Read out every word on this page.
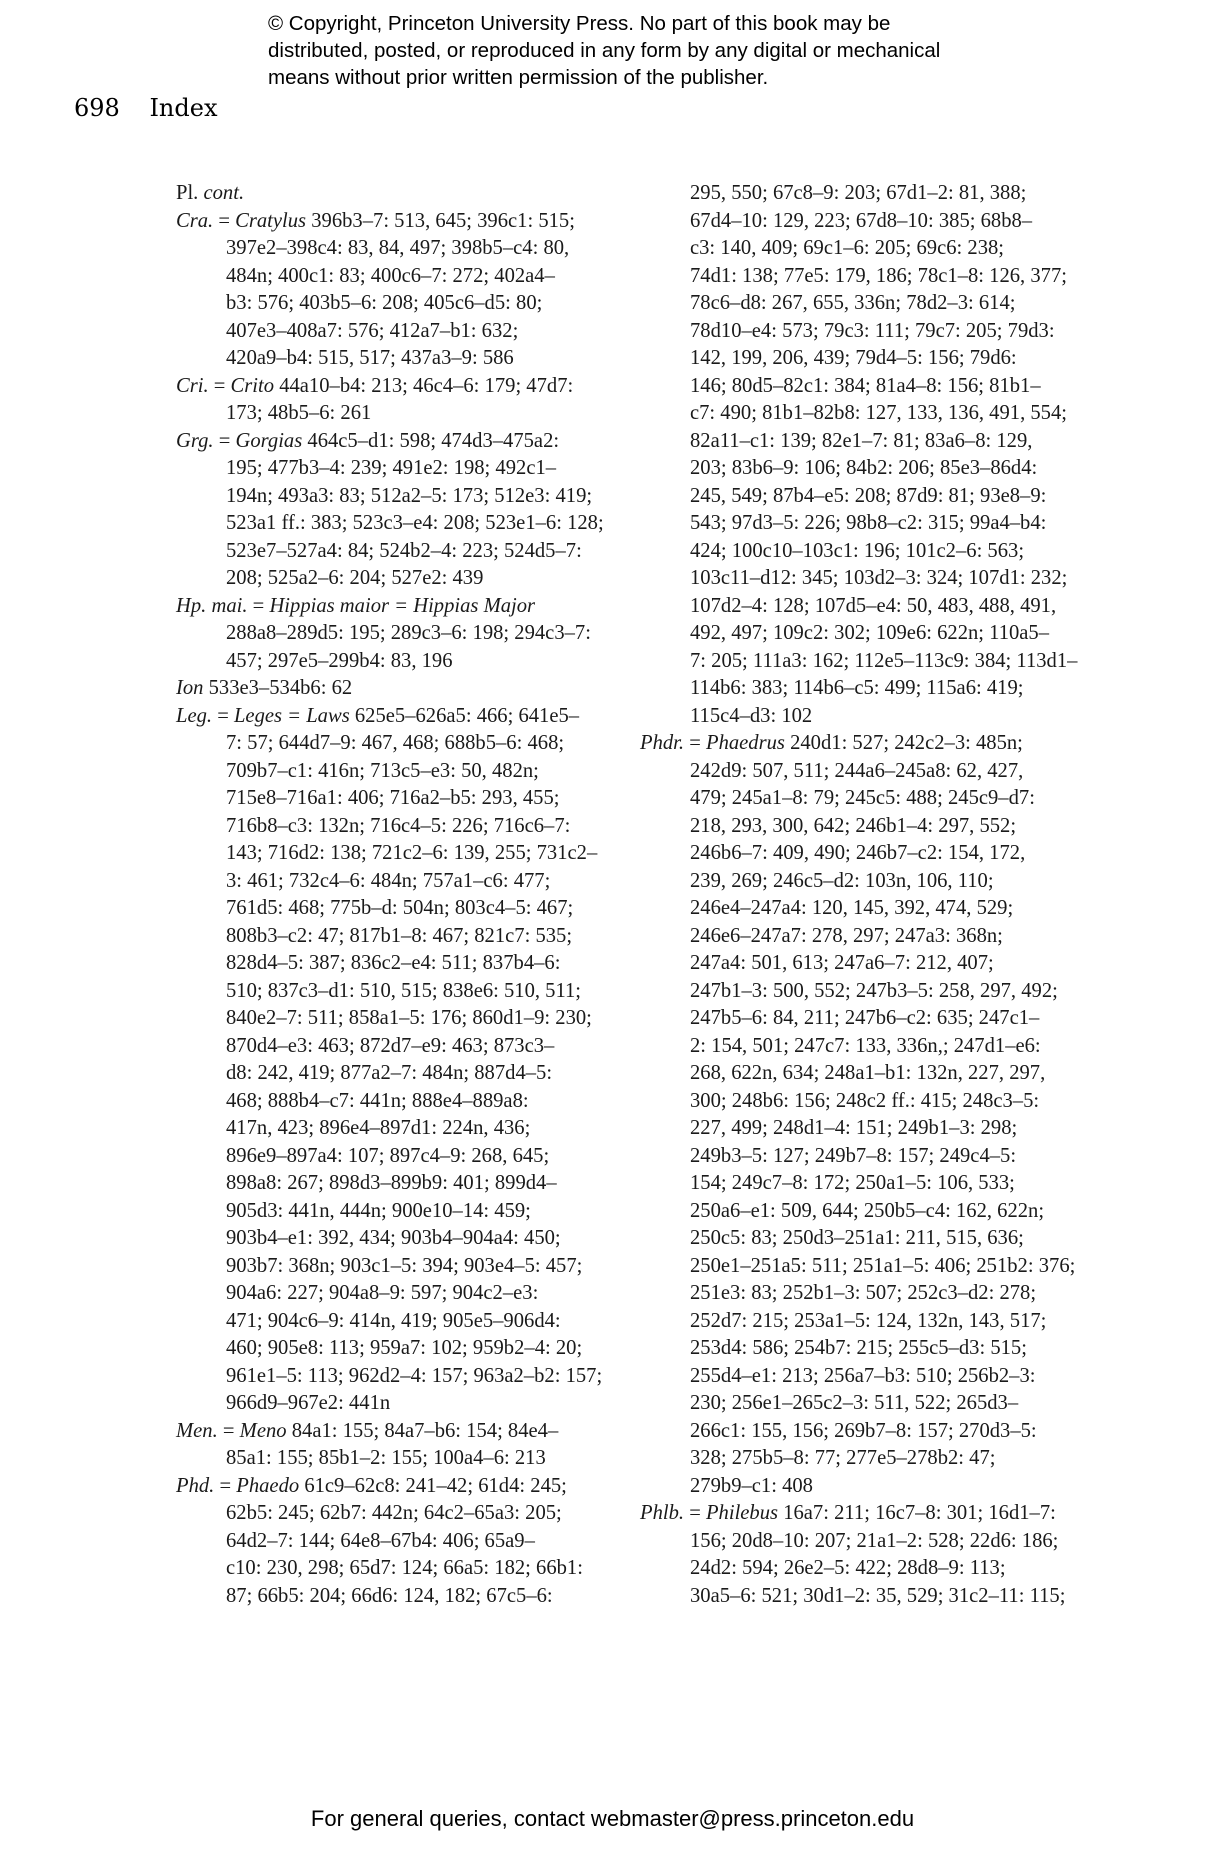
© Copyright, Princeton University Press. No part of this book may be
distributed, posted, or reproduced in any form by any digital or mechanical
means without prior written permission of the publisher.
698 Index
Pl. cont.
Cra. = Cratylus 396b3–7: 513, 645; 396c1: 515;
397e2–398c4: 83, 84, 497; 398b5–c4: 80,
484n; 400c1: 83; 400c6–7: 272; 402a4–
b3: 576; 403b5–6: 208; 405c6–d5: 80;
407e3–408a7: 576; 412a7–b1: 632;
420a9–b4: 515, 517; 437a3–9: 586
Cri. = Crito 44a10–b4: 213; 46c4–6: 179; 47d7:
173; 48b5–6: 261
Grg. = Gorgias 464c5–d1: 598; 474d3–475a2:
195; 477b3–4: 239; 491e2: 198; 492c1–
194n; 493a3: 83; 512a2–5: 173; 512e3: 419;
523a1 ff.: 383; 523c3–e4: 208; 523e1–6: 128;
523e7–527a4: 84; 524b2–4: 223; 524d5–7:
208; 525a2–6: 204; 527e2: 439
Hp. mai. = Hippias maior = Hippias Major
288a8–289d5: 195; 289c3–6: 198; 294c3–7:
457; 297e5–299b4: 83, 196
Ion 533e3–534b6: 62
Leg. = Leges = Laws 625e5–626a5: 466; 641e5–
7: 57; 644d7–9: 467, 468; 688b5–6: 468;
709b7–c1: 416n; 713c5–e3: 50, 482n;
715e8–716a1: 406; 716a2–b5: 293, 455;
716b8–c3: 132n; 716c4–5: 226; 716c6–7:
143; 716d2: 138; 721c2–6: 139, 255; 731c2–
3: 461; 732c4–6: 484n; 757a1–c6: 477;
761d5: 468; 775b–d: 504n; 803c4–5: 467;
808b3–c2: 47; 817b1–8: 467; 821c7: 535;
828d4–5: 387; 836c2–e4: 511; 837b4–6:
510; 837c3–d1: 510, 515; 838e6: 510, 511;
840e2–7: 511; 858a1–5: 176; 860d1–9: 230;
870d4–e3: 463; 872d7–e9: 463; 873c3–
d8: 242, 419; 877a2–7: 484n; 887d4–5:
468; 888b4–c7: 441n; 888e4–889a8:
417n, 423; 896e4–897d1: 224n, 436;
896e9–897a4: 107; 897c4–9: 268, 645;
898a8: 267; 898d3–899b9: 401; 899d4–
905d3: 441n, 444n; 900e10–14: 459;
903b4–e1: 392, 434; 903b4–904a4: 450;
903b7: 368n; 903c1–5: 394; 903e4–5: 457;
904a6: 227; 904a8–9: 597; 904c2–e3:
471; 904c6–9: 414n, 419; 905e5–906d4:
460; 905e8: 113; 959a7: 102; 959b2–4: 20;
961e1–5: 113; 962d2–4: 157; 963a2–b2: 157;
966d9–967e2: 441n
Men. = Meno 84a1: 155; 84a7–b6: 154; 84e4–
85a1: 155; 85b1–2: 155; 100a4–6: 213
Phd. = Phaedo 61c9–62c8: 241–42; 61d4: 245;
62b5: 245; 62b7: 442n; 64c2–65a3: 205;
64d2–7: 144; 64e8–67b4: 406; 65a9–
c10: 230, 298; 65d7: 124; 66a5: 182; 66b1:
87; 66b5: 204; 66d6: 124, 182; 67c5–6:
295, 550; 67c8–9: 203; 67d1–2: 81, 388;
67d4–10: 129, 223; 67d8–10: 385; 68b8–
c3: 140, 409; 69c1–6: 205; 69c6: 238;
74d1: 138; 77e5: 179, 186; 78c1–8: 126, 377;
78c6–d8: 267, 655, 336n; 78d2–3: 614;
78d10–e4: 573; 79c3: 111; 79c7: 205; 79d3:
142, 199, 206, 439; 79d4–5: 156; 79d6:
146; 80d5–82c1: 384; 81a4–8: 156; 81b1–
c7: 490; 81b1–82b8: 127, 133, 136, 491, 554;
82a11–c1: 139; 82e1–7: 81; 83a6–8: 129,
203; 83b6–9: 106; 84b2: 206; 85e3–86d4:
245, 549; 87b4–e5: 208; 87d9: 81; 93e8–9:
543; 97d3–5: 226; 98b8–c2: 315; 99a4–b4:
424; 100c10–103c1: 196; 101c2–6: 563;
103c11–d12: 345; 103d2–3: 324; 107d1: 232;
107d2–4: 128; 107d5–e4: 50, 483, 488, 491,
492, 497; 109c2: 302; 109e6: 622n; 110a5–
7: 205; 111a3: 162; 112e5–113c9: 384; 113d1–
114b6: 383; 114b6–c5: 499; 115a6: 419;
115c4–d3: 102
Phdr. = Phaedrus 240d1: 527; 242c2–3: 485n;
242d9: 507, 511; 244a6–245a8: 62, 427,
479; 245a1–8: 79; 245c5: 488; 245c9–d7:
218, 293, 300, 642; 246b1–4: 297, 552;
246b6–7: 409, 490; 246b7–c2: 154, 172,
239, 269; 246c5–d2: 103n, 106, 110;
246e4–247a4: 120, 145, 392, 474, 529;
246e6–247a7: 278, 297; 247a3: 368n;
247a4: 501, 613; 247a6–7: 212, 407;
247b1–3: 500, 552; 247b3–5: 258, 297, 492;
247b5–6: 84, 211; 247b6–c2: 635; 247c1–
2: 154, 501; 247c7: 133, 336n,; 247d1–e6:
268, 622n, 634; 248a1–b1: 132n, 227, 297,
300; 248b6: 156; 248c2 ff.: 415; 248c3–5:
227, 499; 248d1–4: 151; 249b1–3: 298;
249b3–5: 127; 249b7–8: 157; 249c4–5:
154; 249c7–8: 172; 250a1–5: 106, 533;
250a6–e1: 509, 644; 250b5–c4: 162, 622n;
250c5: 83; 250d3–251a1: 211, 515, 636;
250e1–251a5: 511; 251a1–5: 406; 251b2: 376;
251e3: 83; 252b1–3: 507; 252c3–d2: 278;
252d7: 215; 253a1–5: 124, 132n, 143, 517;
253d4: 586; 254b7: 215; 255c5–d3: 515;
255d4–e1: 213; 256a7–b3: 510; 256b2–3:
230; 256e1–265c2–3: 511, 522; 265d3–
266c1: 155, 156; 269b7–8: 157; 270d3–5:
328; 275b5–8: 77; 277e5–278b2: 47;
279b9–c1: 408
Phlb. = Philebus 16a7: 211; 16c7–8: 301; 16d1–7:
156; 20d8–10: 207; 21a1–2: 528; 22d6: 186;
24d2: 594; 26e2–5: 422; 28d8–9: 113;
30a5–6: 521; 30d1–2: 35, 529; 31c2–11: 115;
For general queries, contact webmaster@press.princeton.edu
